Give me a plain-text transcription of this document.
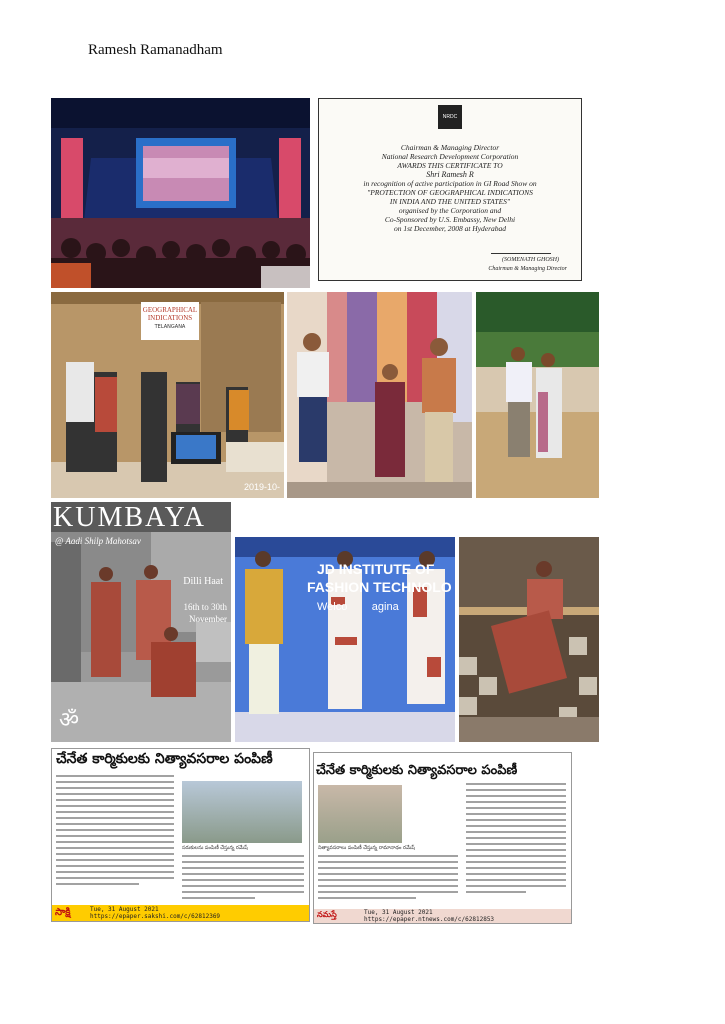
Ramesh Ramanadham
NRDC
Chairman & Managing Director
National Research Development Corporation
AWARDS THIS CERTIFICATE TO
Shri Ramesh R
in recognition of active participation in GI Road Show on
"PROTECTION OF GEOGRAPHICAL INDICATIONS
IN INDIA AND THE UNITED STATES"
organised by the Corporation and
Co-Sponsored by U.S. Embassy, New Delhi
on 1st December, 2008 at Hyderabad
(SOMENATH GHOSH)
Chairman & Managing Director
GEOGRAPHICAL INDICATIONS
TELANGANA
2019-10-
KUMBAYA
@ Aadi Shilp Mahotsav
Dilli Haat
16th to 30th
November
ॐ
JD INSTITUTE OF
FASHION TECHNOLO
Welco        agina
చేనేత కార్మికులకు నిత్యావసరాల పంపిణీ
సరుకులను పంపిణీ చేస్తున్న రమేష్
సాక్షి	Tue, 31 August 2021
https://epaper.sakshi.com/c/62812369
చేనేత కార్మికులకు నిత్యావసరాల పంపిణీ
నిత్యావసరాలు పంపిణీ చేస్తున్న రామానాథం రమేష్
నమస్తే	Tue, 31 August 2021
https://epaper.ntnews.com/c/62812853
